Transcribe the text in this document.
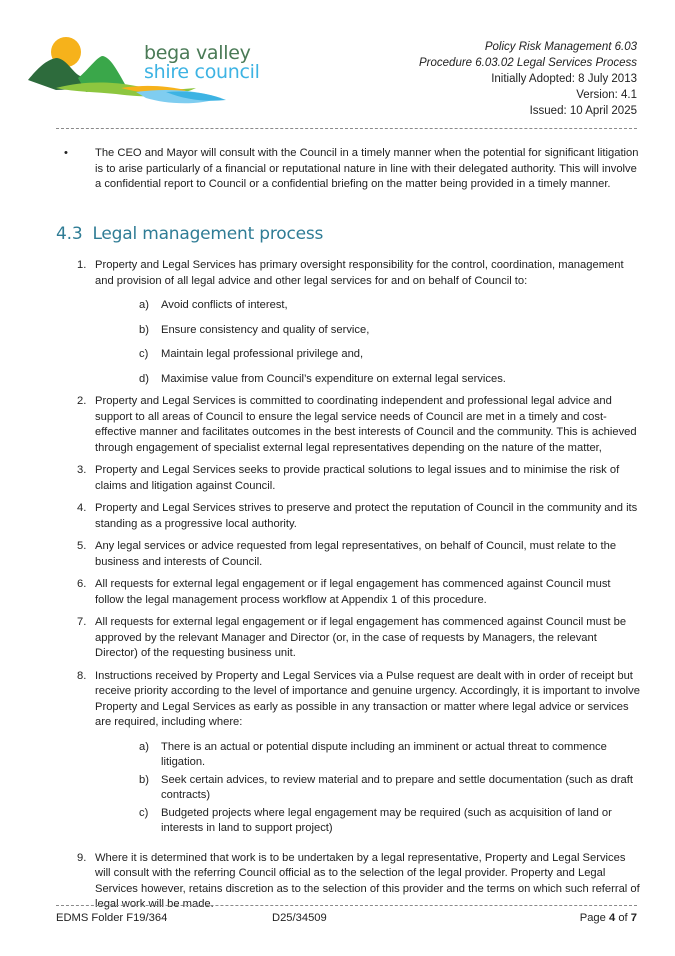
bega valley
shire council
Policy Risk Management 6.03
Procedure 6.03.02 Legal Services Process
Initially Adopted: 8 July 2013
Version: 4.1
Issued: 10 April 2025
• The CEO and Mayor will consult with the Council in a timely manner when the potential for significant litigation is to arise particularly of a financial or reputational nature in line with their delegated authority. This will involve a confidential report to Council or a confidential briefing on the matter being provided in a timely manner.
4.3 Legal management process
1. Property and Legal Services has primary oversight responsibility for the control, coordination, management and provision of all legal advice and other legal services for and on behalf of Council to:
a) Avoid conflicts of interest,
b) Ensure consistency and quality of service,
c) Maintain legal professional privilege and,
d) Maximise value from Council’s expenditure on external legal services.
2. Property and Legal Services is committed to coordinating independent and professional legal advice and support to all areas of Council to ensure the legal service needs of Council are met in a timely and cost-effective manner and facilitates outcomes in the best interests of Council and the community. This is achieved through engagement of specialist external legal representatives depending on the nature of the matter,
3. Property and Legal Services seeks to provide practical solutions to legal issues and to minimise the risk of claims and litigation against Council.
4. Property and Legal Services strives to preserve and protect the reputation of Council in the community and its standing as a progressive local authority.
5. Any legal services or advice requested from legal representatives, on behalf of Council, must relate to the business and interests of Council.
6. All requests for external legal engagement or if legal engagement has commenced against Council must follow the legal management process workflow at Appendix 1 of this procedure.
7. All requests for external legal engagement or if legal engagement has commenced against Council must be approved by the relevant Manager and Director (or, in the case of requests by Managers, the relevant Director) of the requesting business unit.
8. Instructions received by Property and Legal Services via a Pulse request are dealt with in order of receipt but receive priority according to the level of importance and genuine urgency. Accordingly, it is important to involve Property and Legal Services as early as possible in any transaction or matter where legal advice or services are required, including where:
a) There is an actual or potential dispute including an imminent or actual threat to commence litigation.
b) Seek certain advices, to review material and to prepare and settle documentation (such as draft contracts)
c) Budgeted projects where legal engagement may be required (such as acquisition of land or interests in land to support project)
9. Where it is determined that work is to be undertaken by a legal representative, Property and Legal Services will consult with the referring Council official as to the selection of the legal provider. Property and Legal Services however, retains discretion as to the selection of this provider and the terms on which such referral of legal work will be made.
EDMS Folder F19/364	D25/34509	Page 4 of 7
